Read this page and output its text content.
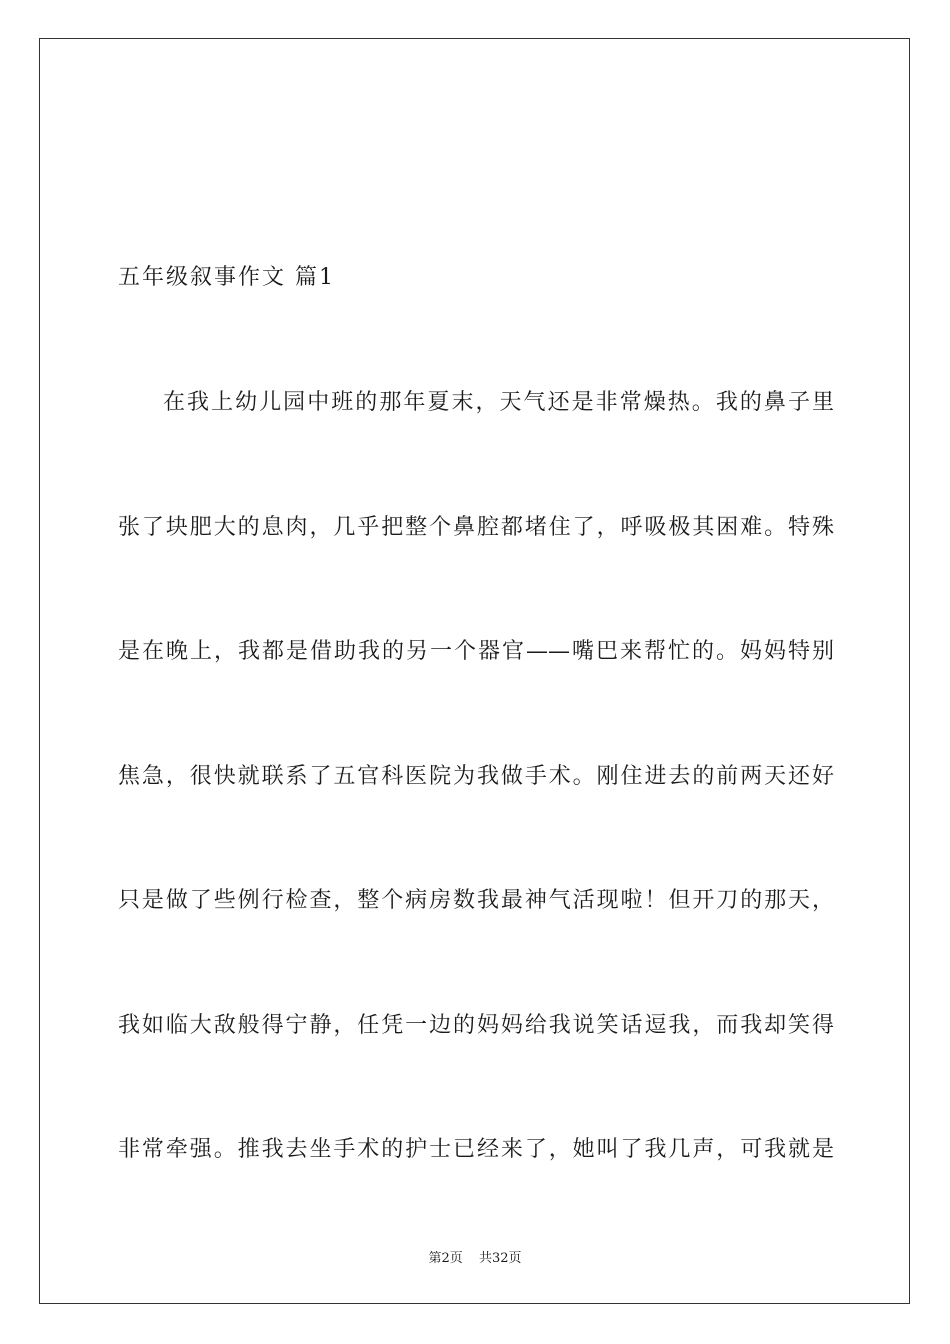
五年级叙事作文 篇1
在我上幼儿园中班的那年夏末，天气还是非常燥热。我的鼻子里
张了块肥大的息肉，几乎把整个鼻腔都堵住了，呼吸极其困难。特殊
是在晚上，我都是借助我的另一个器官——嘴巴来帮忙的。妈妈特别
焦急，很快就联系了五官科医院为我做手术。刚住进去的前两天还好
只是做了些例行检查，整个病房数我最神气活现啦！但开刀的那天，
我如临大敌般得宁静，任凭一边的妈妈给我说笑话逗我，而我却笑得
非常牵强。推我去坐手术的护士已经来了，她叫了我几声，可我就是
第2页 共32页
